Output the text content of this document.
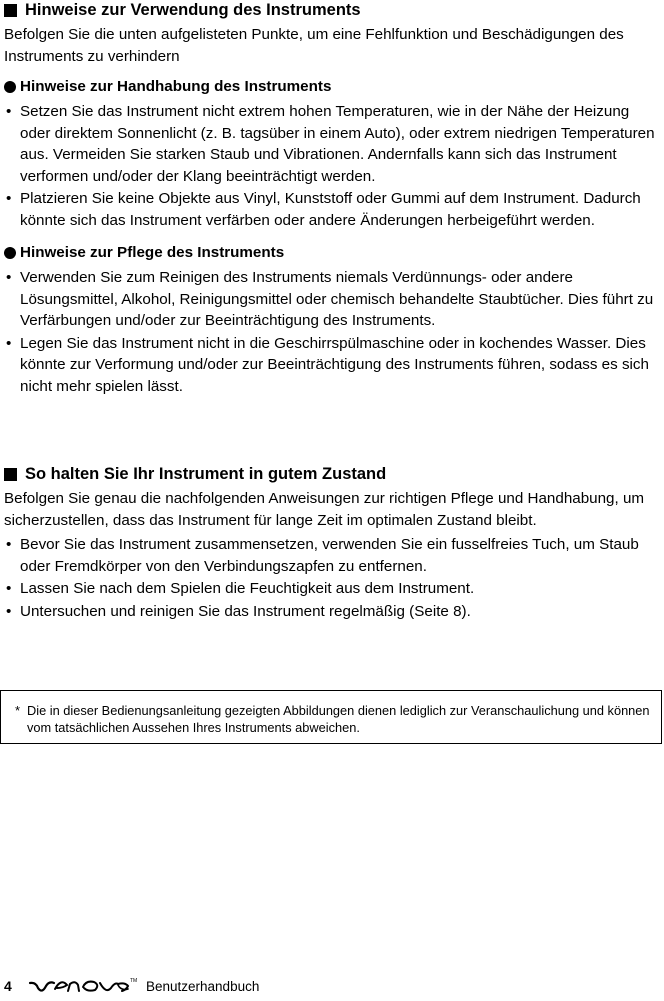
Hinweise zur Verwendung des Instruments

Befolgen Sie die unten aufgelisteten Punkte, um eine Fehlfunktion und Beschädigungen des Instruments zu verhindern

Hinweise zur Handhabung des Instruments
• Setzen Sie das Instrument nicht extrem hohen Temperaturen, wie in der Nähe der Heizung oder direktem Sonnenlicht (z. B. tagsüber in einem Auto), oder extrem niedrigen Temperaturen aus. Vermeiden Sie starken Staub und Vibrationen. Andernfalls kann sich das Instrument verformen und/oder der Klang beeinträchtigt werden.
• Platzieren Sie keine Objekte aus Vinyl, Kunststoff oder Gummi auf dem Instrument. Dadurch könnte sich das Instrument verfärben oder andere Änderungen herbeigeführt werden.
Hinweise zur Pflege des Instruments
• Verwenden Sie zum Reinigen des Instruments niemals Verdünnungs- oder andere Lösungsmittel, Alkohol, Reinigungsmittel oder chemisch behandelte Staubtücher. Dies führt zu Verfärbungen und/oder zur Beeinträchtigung des Instruments.
• Legen Sie das Instrument nicht in die Geschirrspülmaschine oder in kochendes Wasser. Dies könnte zur Verformung und/oder zur Beeinträchtigung des Instruments führen, sodass es sich nicht mehr spielen lässt.
So halten Sie Ihr Instrument in gutem Zustand

Befolgen Sie genau die nachfolgenden Anweisungen zur richtigen Pflege und Handhabung, um sicherzustellen, dass das Instrument für lange Zeit im optimalen Zustand bleibt.

• Bevor Sie das Instrument zusammensetzen, verwenden Sie ein fusselfreies Tuch, um Staub oder Fremdkörper von den Verbindungszapfen zu entfernen.
• Lassen Sie nach dem Spielen die Feuchtigkeit aus dem Instrument.
• Untersuchen und reinigen Sie das Instrument regelmäßig (Seite 8).
* Die in dieser Bedienungsanleitung gezeigten Abbildungen dienen lediglich zur Veranschaulichung und können vom tatsächlichen Aussehen Ihres Instruments abweichen.
4	TM Benutzerhandbuch
